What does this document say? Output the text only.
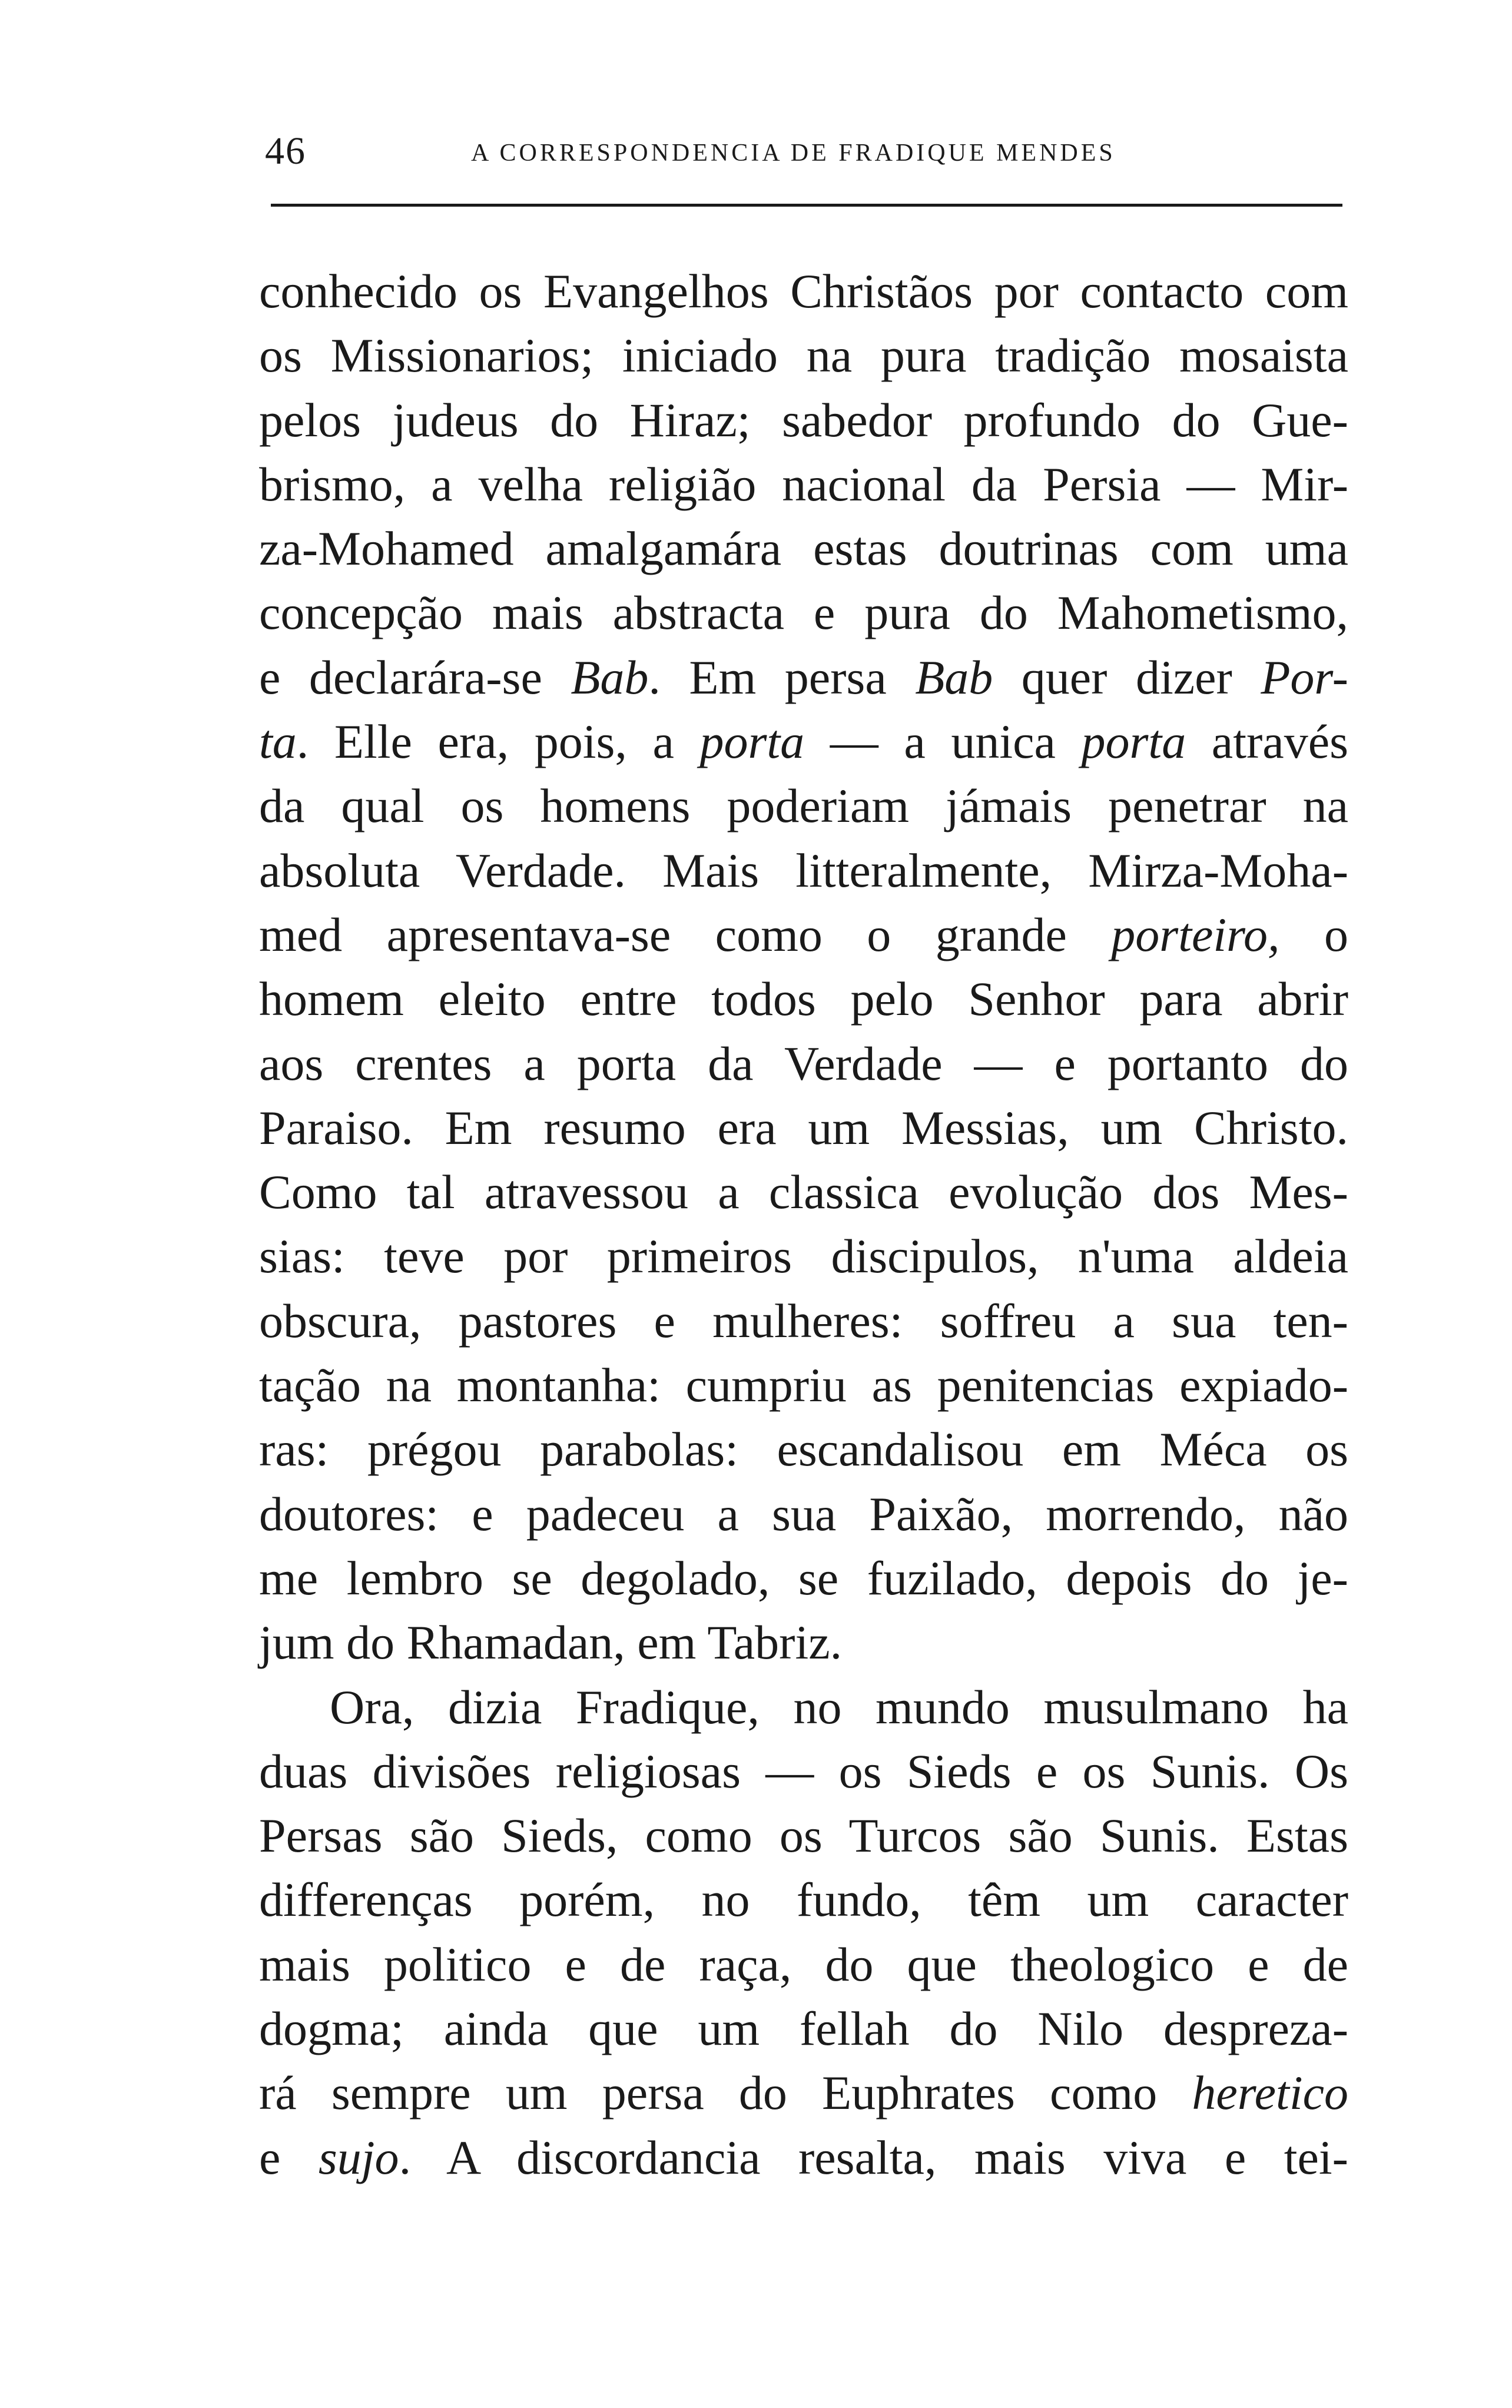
46	A CORRESPONDENCIA DE FRADIQUE MENDES
conhecido os Evangelhos Christãos por contacto com
os Missionarios; iniciado na pura tradição mosaista
pelos judeus do Hiraz; sabedor profundo do Gue-
brismo, a velha religião nacional da Persia — Mir-
za-Mohamed amalgamára estas doutrinas com uma
concepção mais abstracta e pura do Mahometismo,
e declarára-se Bab. Em persa Bab quer dizer Por-
ta. Elle era, pois, a porta — a unica porta através
da qual os homens poderiam jámais penetrar na
absoluta Verdade. Mais litteralmente, Mirza-Moha-
med apresentava-se como o grande porteiro, o
homem eleito entre todos pelo Senhor para abrir
aos crentes a porta da Verdade — e portanto do
Paraiso. Em resumo era um Messias, um Christo.
Como tal atravessou a classica evolução dos Mes-
sias: teve por primeiros discipulos, n'uma aldeia
obscura, pastores e mulheres: soffreu a sua ten-
tação na montanha: cumpriu as penitencias expiado-
ras: prégou parabolas: escandalisou em Méca os
doutores: e padeceu a sua Paixão, morrendo, não
me lembro se degolado, se fuzilado, depois do je-
jum do Rhamadan, em Tabriz.
Ora, dizia Fradique, no mundo musulmano ha
duas divisões religiosas — os Sieds e os Sunis. Os
Persas são Sieds, como os Turcos são Sunis. Estas
differenças porém, no fundo, têm um caracter
mais politico e de raça, do que theologico e de
dogma; ainda que um fellah do Nilo despreza-
rá sempre um persa do Euphrates como heretico
e sujo. A discordancia resalta, mais viva e tei-
